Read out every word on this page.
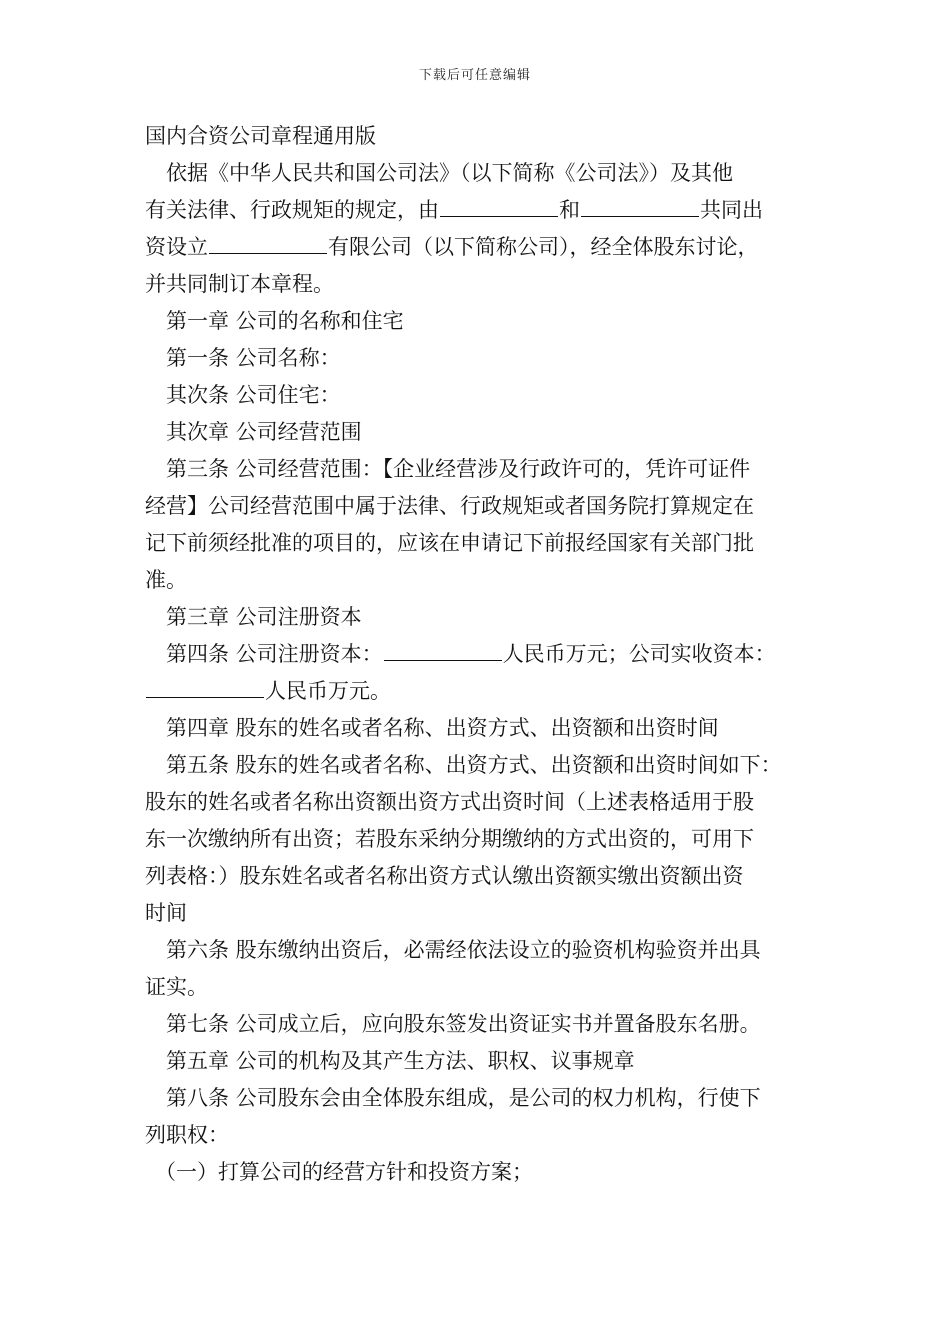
下载后可任意编辑
国内合资公司章程通用版
依据《中华人民共和国公司法》（以下简称《公司法》）及其他
有关法律、行政规矩的规定，由	和	共同出
资设立	有限公司（以下简称公司），经全体股东讨论，
并共同制订本章程。
第一章 公司的名称和住宅
第一条 公司名称：
其次条 公司住宅：
其次章 公司经营范围
第三条 公司经营范围：【企业经营涉及行政许可的，凭许可证件
经营】公司经营范围中属于法律、行政规矩或者国务院打算规定在
记下前须经批准的项目的，应该在申请记下前报经国家有关部门批
准。
第三章 公司注册资本
第四条 公司注册资本：	人民币万元；公司实收资本：
人民币万元。
第四章 股东的姓名或者名称、出资方式、出资额和出资时间
第五条 股东的姓名或者名称、出资方式、出资额和出资时间如下：
股东的姓名或者名称出资额出资方式出资时间（上述表格适用于股
东一次缴纳所有出资；若股东采纳分期缴纳的方式出资的，可用下
列表格：）股东姓名或者名称出资方式认缴出资额实缴出资额出资
时间
第六条 股东缴纳出资后，必需经依法设立的验资机构验资并出具
证实。
第七条 公司成立后，应向股东签发出资证实书并置备股东名册。
第五章 公司的机构及其产生方法、职权、议事规章
第八条 公司股东会由全体股东组成，是公司的权力机构，行使下
列职权：
（一）打算公司的经营方针和投资方案；
